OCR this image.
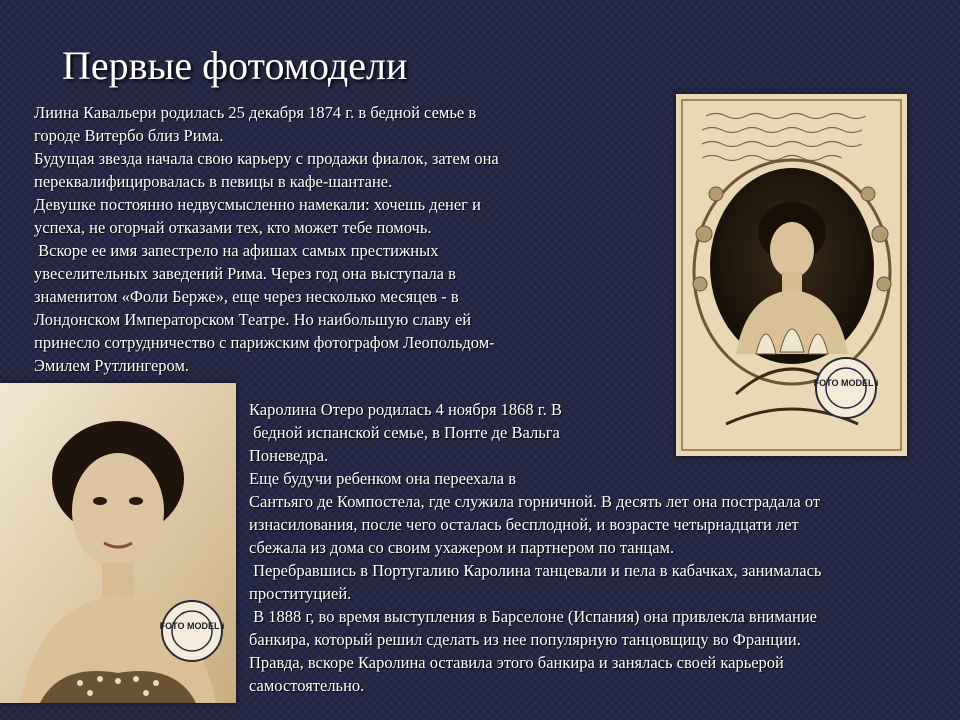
Первые фотомодели

Лиина Кавальери родилась 25 декабря 1874 г. в бедной семье в

городе Витербо близ Рима.

Будущая звезда начала свою карьеру с продажи фиалок, затем она

переквалифицировалась в певицы в кафе-шантане.

Девушке постоянно недвусмысленно намекали: хочешь денег и

успеха, не огорчай отказами тех, кто может тебе помочь.

Вскоре ее имя запестрело на афишах самых престижных

увеселительных заведений Рима. Через год она выступала в

знаменитом «Фоли Берже», еще через несколько месяцев - в

Лондонском Императорском Театре. Но наибольшую славу ей

принесло сотрудничество с парижским фотографом Леопольдом-

Эмилем Рутлингером.

Каролина Отеро родилась 4 ноября 1868 г. В

бедной испанской семье, в Понте де Вальга

Поневедра.

Еще будучи ребенком она переехала в

Сантьяго де Компостела, где служила горничной. В десять лет она пострадала от

изнасилования, после чего осталась бесплодной, и возрасте четырнадцати лет

сбежала из дома со своим ухажером и партнером по танцам.

Перебравшись в Португалию Каролина танцевали и пела в кабачках, занималась

проституцией.

В 1888 г, во время выступления в Барселоне (Испания) она привлекла внимание

банкира, который решил сделать из нее популярную танцовщицу во Франции.

Правда, вскоре Каролина оставила этого банкира и занялась своей карьерой

самостоятельно.

FOTO MODEL i
FOTO MODEL i
